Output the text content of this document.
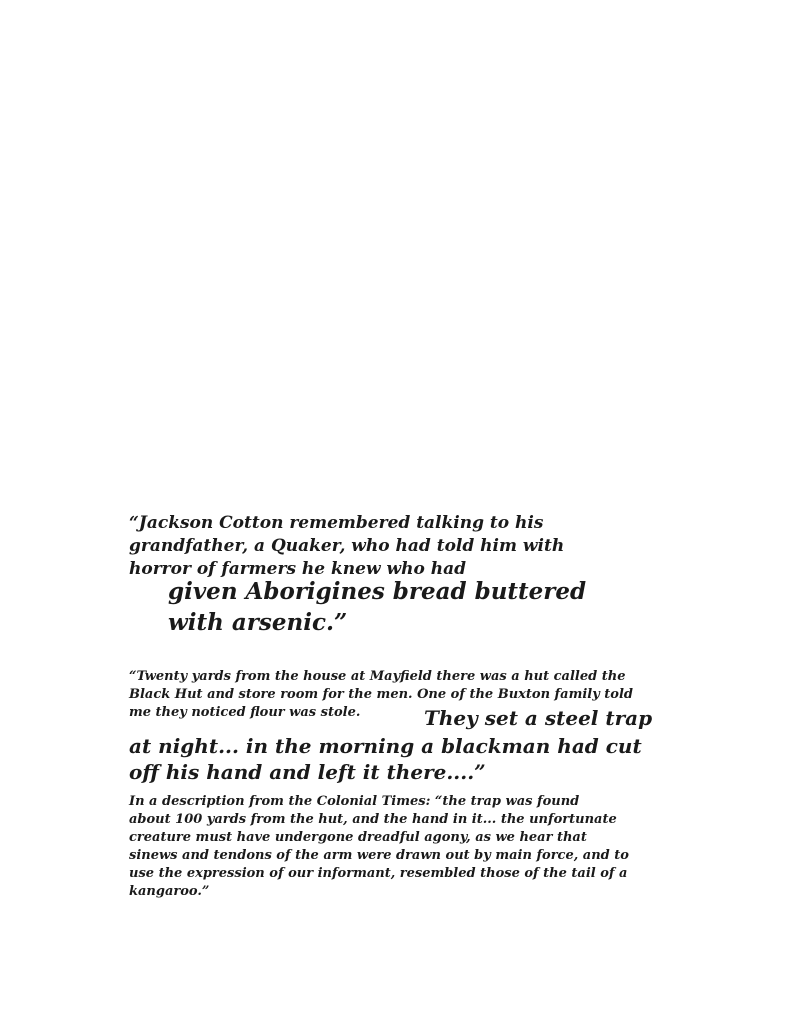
“Jackson Cotton remembered talking to his
grandfather, a Quaker, who had told him with
horror of farmers he knew who had

given Aborigines bread buttered
with arsenic.”

“Twenty yards from the house at Mayfield there was a hut called the
Black Hut and store room for the men. One of the Buxton family told
me they noticed flour was stole.	They set a steel trap

at night... in the morning a blackman had cut
off his hand and left it there....”

In a description from the Colonial Times: “the trap was found
about 100 yards from the hut, and the hand in it... the unfortunate
creature must have undergone dreadful agony, as we hear that
sinews and tendons of the arm were drawn out by main force, and to
use the expression of our informant, resembled those of the tail of a
kangaroo.”
